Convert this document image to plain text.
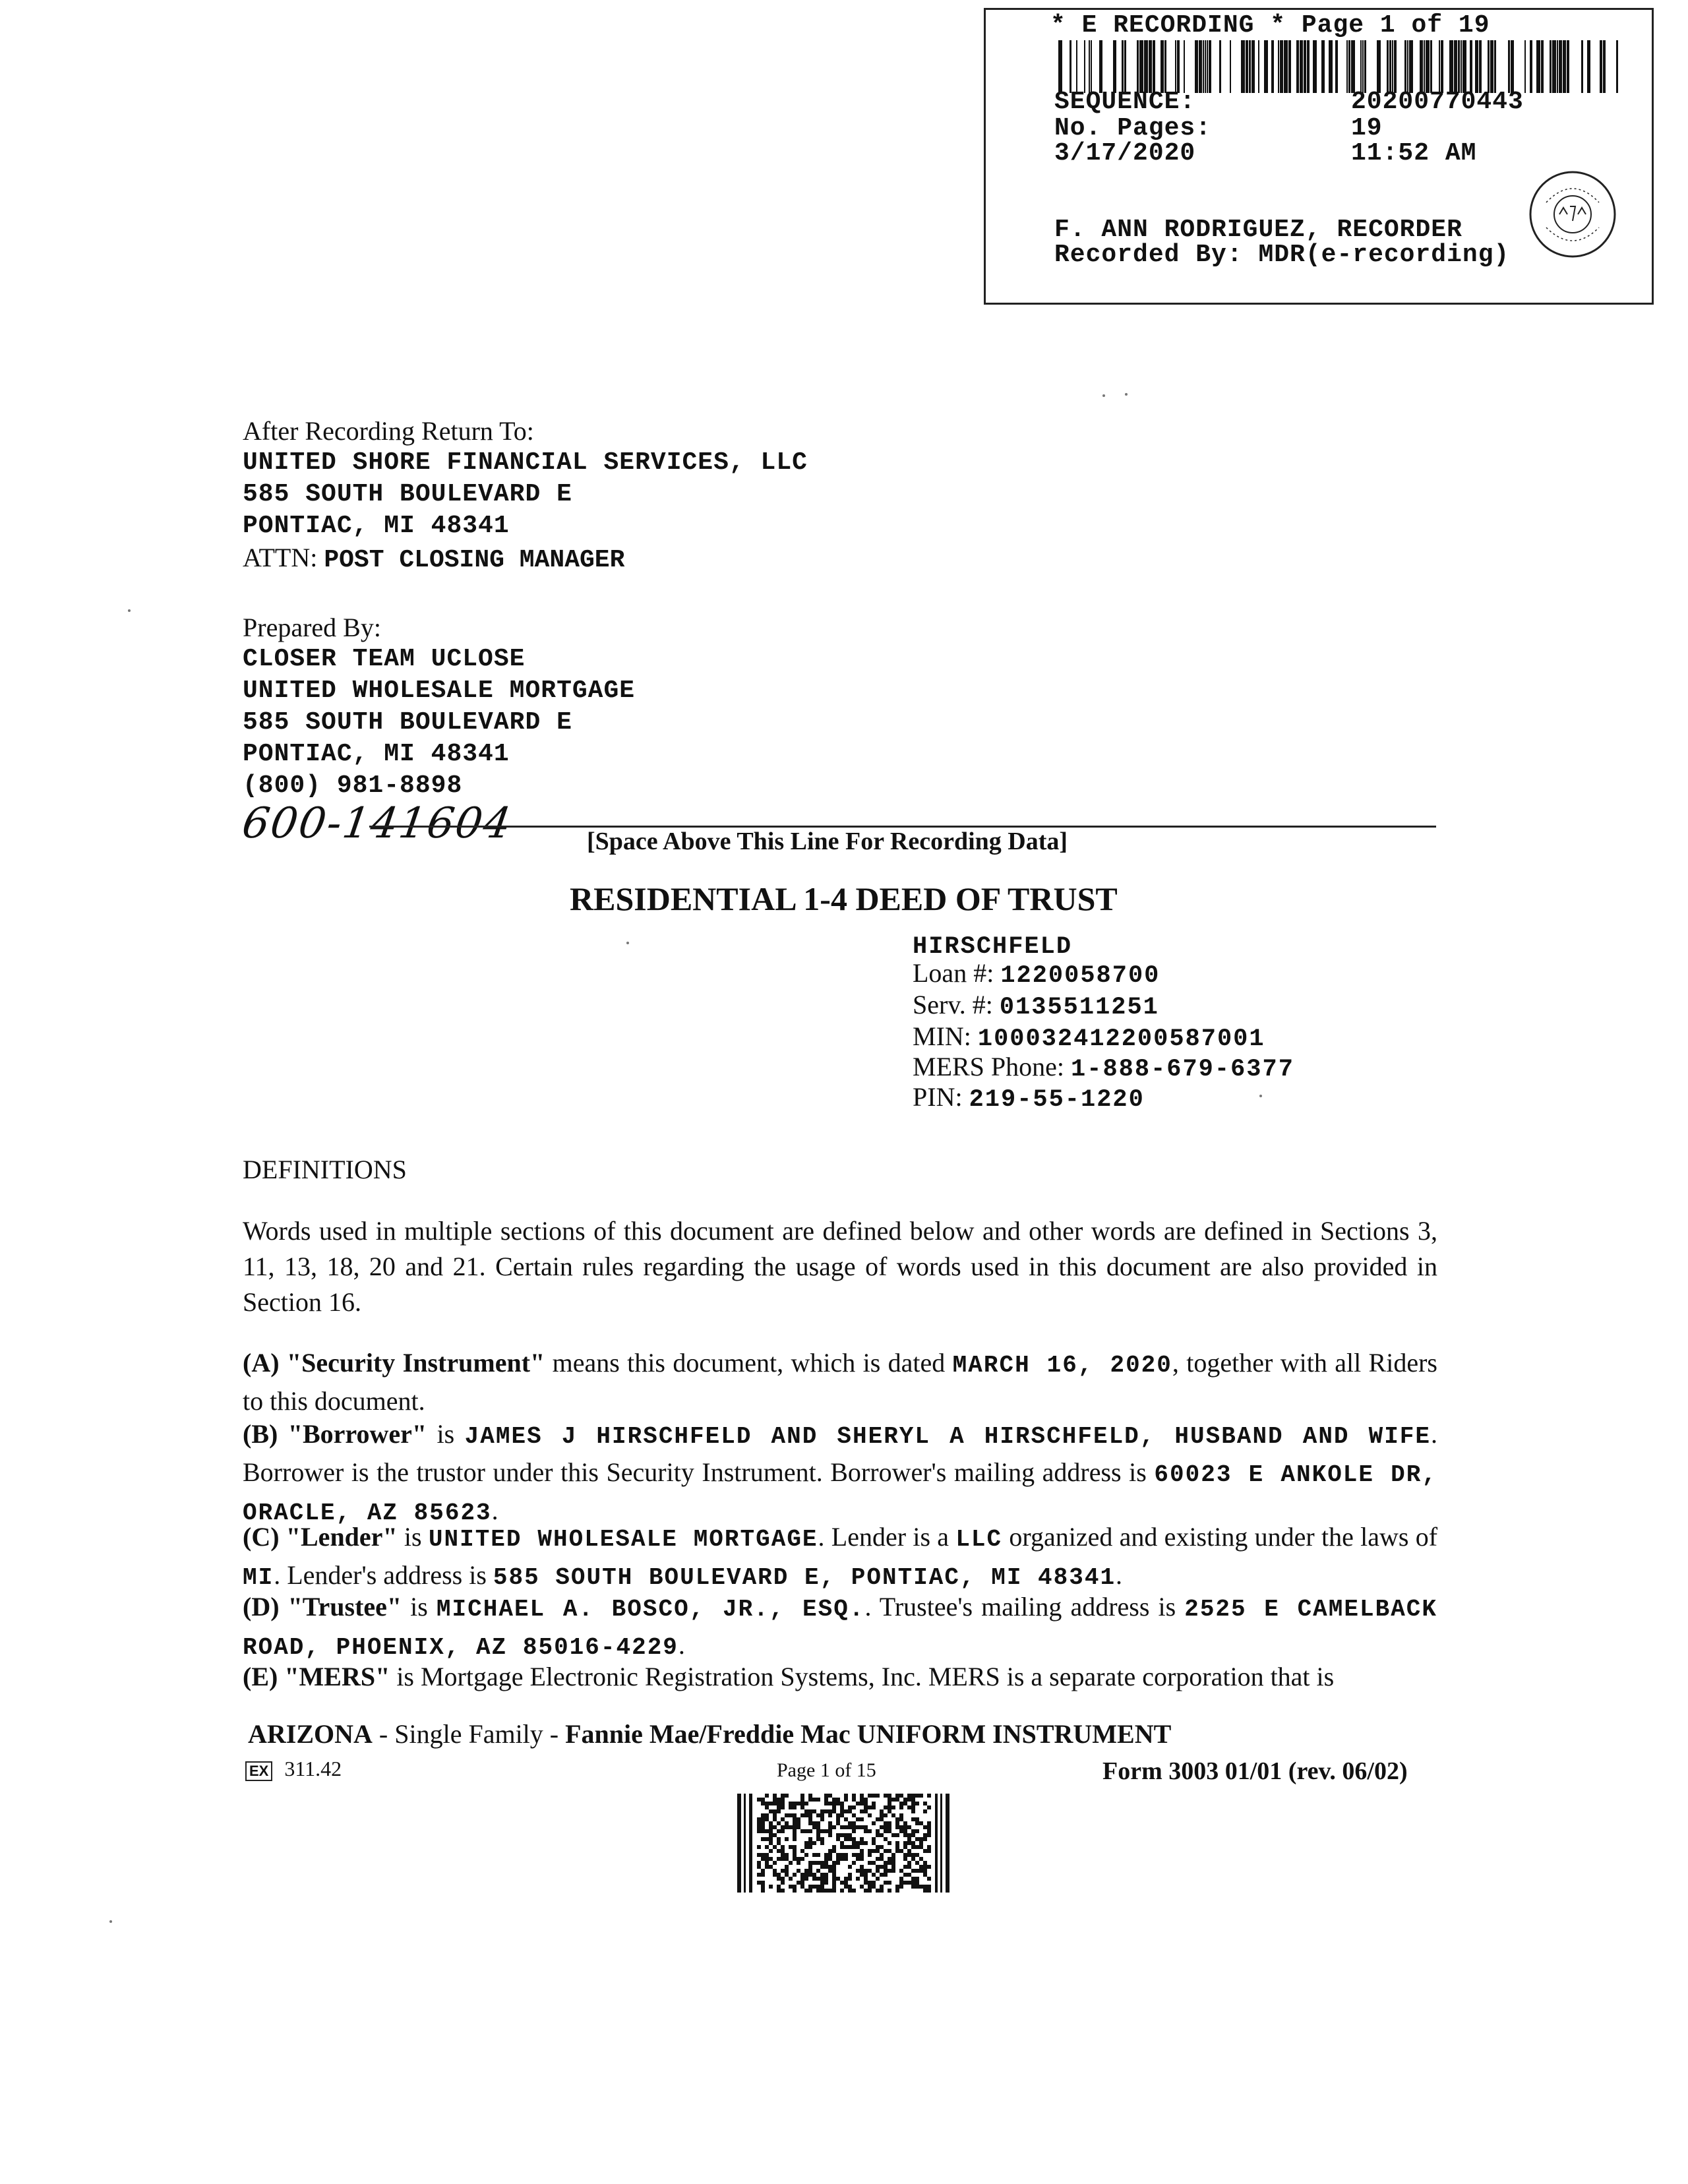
* E RECORDING * Page 1 of 19
SEQUENCE:	20200770443
No. Pages:	19
3/17/2020	11:52 AM
F. ANN RODRIGUEZ, RECORDER
Recorded By: MDR(e-recording)
After Recording Return To:
UNITED SHORE FINANCIAL SERVICES, LLC
585 SOUTH BOULEVARD E
PONTIAC, MI 48341
ATTN: POST CLOSING MANAGER
Prepared By:
CLOSER TEAM UCLOSE
UNITED WHOLESALE MORTGAGE
585 SOUTH BOULEVARD E
PONTIAC, MI 48341
(800) 981-8898
600-141604	[Space Above This Line For Recording Data]
RESIDENTIAL 1-4 DEED OF TRUST
HIRSCHFELD
Loan #: 1220058700
Serv. #: 0135511251
MIN: 100032412200587001
MERS Phone: 1-888-679-6377
PIN: 219-55-1220
DEFINITIONS
Words used in multiple sections of this document are defined below and other words are defined in Sections 3, 11, 13, 18, 20 and 21. Certain rules regarding the usage of words used in this document are also provided in Section 16.
(A) "Security Instrument" means this document, which is dated MARCH 16, 2020, together with all Riders to this document.
(B) "Borrower" is JAMES J HIRSCHFELD AND SHERYL A HIRSCHFELD, HUSBAND AND WIFE. Borrower is the trustor under this Security Instrument. Borrower's mailing address is 60023 E ANKOLE DR, ORACLE, AZ 85623.
(C) "Lender" is UNITED WHOLESALE MORTGAGE. Lender is a LLC organized and existing under the laws of MI. Lender's address is 585 SOUTH BOULEVARD E, PONTIAC, MI 48341.
(D) "Trustee" is MICHAEL A. BOSCO, JR., ESQ.. Trustee's mailing address is 2525 E CAMELBACK ROAD, PHOENIX, AZ 85016-4229.
(E) "MERS" is Mortgage Electronic Registration Systems, Inc. MERS is a separate corporation that is
ARIZONA - Single Family - Fannie Mae/Freddie Mac UNIFORM INSTRUMENT
EX 311.42	Page 1 of 15	Form 3003 01/01 (rev. 06/02)
